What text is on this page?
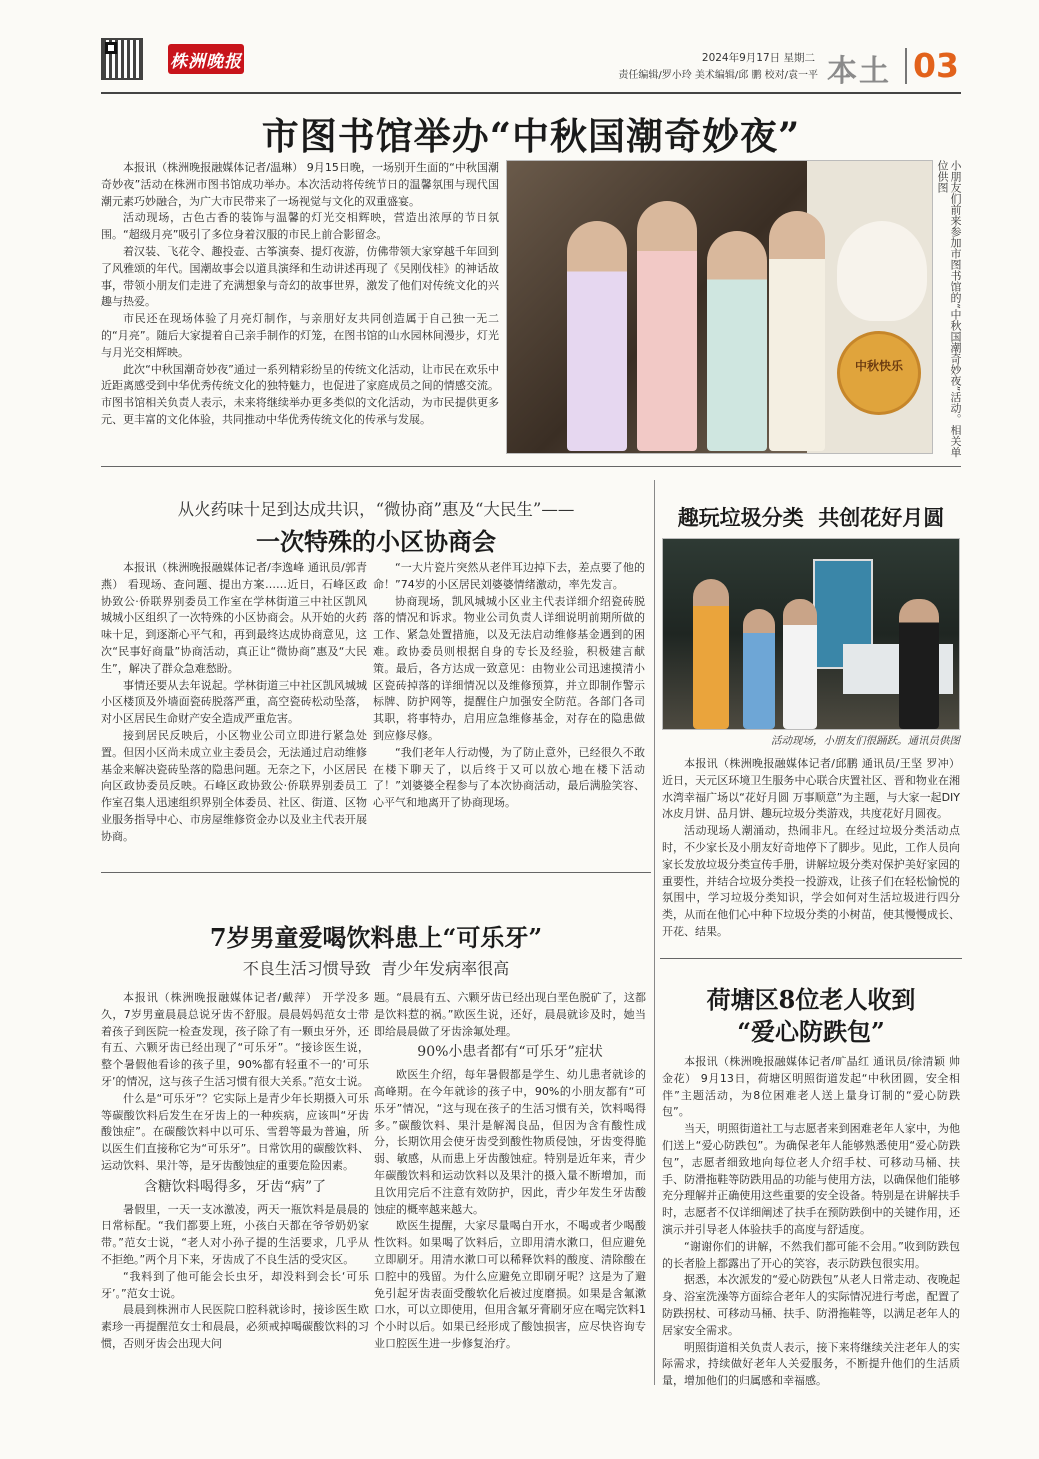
株洲晚报	2024年9月17日 星期二
责任编辑/罗小玲 美术编辑/邱 鹏 校对/袁一平 本土 03
市图书馆举办“中秋国潮奇妙夜”

本报讯（株洲晚报融媒体记者/温琳） 9月15日晚，一场别开生面的“中秋国潮奇妙夜”活动在株洲市图书馆成功举办。本次活动将传统节日的温馨氛围与现代国潮元素巧妙融合，为广大市民带来了一场视觉与文化的双重盛宴。

活动现场，古色古香的装饰与温馨的灯光交相辉映，营造出浓厚的节日氛围。“超级月亮”吸引了多位身着汉服的市民上前合影留念。

着汉装、飞花令、趣投壶、古筝演奏、提灯夜游，仿佛带领大家穿越千年回到了风雅颂的年代。国潮故事会以道具演绎和生动讲述再现了《吴刚伐桂》的神话故事，带领小朋友们走进了充满想象与奇幻的故事世界，激发了他们对传统文化的兴趣与热爱。

市民还在现场体验了月亮灯制作，与亲朋好友共同创造属于自己独一无二的“月亮”。随后大家提着自己亲手制作的灯笼，在图书馆的山水园林间漫步，灯光与月光交相辉映。

此次“中秋国潮奇妙夜”通过一系列精彩纷呈的传统文化活动，让市民在欢乐中近距离感受到中华优秀传统文化的独特魅力，也促进了家庭成员之间的情感交流。市图书馆相关负责人表示，未来将继续举办更多类似的文化活动，为市民提供更多元、更丰富的文化体验，共同推动中华优秀传统文化的传承与发展。

中秋快乐	小朋友们前来参加市图书馆的“中秋国潮奇妙夜”活动。相关单位供图
从火药味十足到达成共识，“微协商”惠及“大民生”——
一次特殊的小区协商会

本报讯（株洲晚报融媒体记者/李逸峰 通讯员/郭青燕） 看现场、查问题、提出方案……近日，石峰区政协致公·侨联界别委员工作室在学林街道三中社区凯风城城小区组织了一次特殊的小区协商会。从开始的火药味十足，到逐渐心平气和，再到最终达成协商意见，这次“民事好商量”协商活动，真正让“微协商”惠及“大民生”，解决了群众急难愁盼。

事情还要从去年说起。学林街道三中社区凯风城城小区楼顶及外墙面瓷砖脱落严重，高空瓷砖松动坠落，对小区居民生命财产安全造成严重危害。

接到居民反映后，小区物业公司立即进行紧急处置。但因小区尚未成立业主委员会，无法通过启动维修基金来解决瓷砖坠落的隐患问题。无奈之下，小区居民向区政协委员反映。石峰区政协致公·侨联界别委员工作室召集人迅速组织界别全体委员、社区、街道、区物业服务指导中心、市房屋维修资金办以及业主代表开展协商。

“一大片瓷片突然从老伴耳边掉下去，差点要了他的命！”74岁的小区居民刘婆婆情绪激动，率先发言。

协商现场，凯风城城小区业主代表详细介绍瓷砖脱落的情况和诉求。物业公司负责人详细说明前期所做的工作、紧急处置措施，以及无法启动维修基金遇到的困难。政协委员则根据自身的专长及经验，积极建言献策。最后，各方达成一致意见：由物业公司迅速摸清小区瓷砖掉落的详细情况以及维修预算，并立即制作警示标牌、防护网等，提醒住户加强安全防范。各部门各司其职，将事特办，启用应急维修基金，对存在的隐患做到应修尽修。

“我们老年人行动慢，为了防止意外，已经很久不敢在楼下聊天了，以后终于又可以放心地在楼下活动了！”刘婆婆全程参与了本次协商活动，最后满脸笑容、心平气和地离开了协商现场。

趣玩垃圾分类  共创花好月圆
活动现场，小朋友们很踊跃。通讯员供图

本报讯（株洲晚报融媒体记者/邱鹏 通讯员/王坚 罗冲） 近日，天元区环境卫生服务中心联合庆置社区、晋和物业在湘水湾幸福广场以“花好月圆 万事顺意”为主题，与大家一起DIY冰皮月饼、品月饼、趣玩垃圾分类游戏，共度花好月圆夜。

活动现场人潮涌动，热闹非凡。在经过垃圾分类活动点时，不少家长及小朋友好奇地停下了脚步。见此，工作人员向家长发放垃圾分类宣传手册，讲解垃圾分类对保护美好家园的重要性，并结合垃圾分类投一投游戏，让孩子们在轻松愉悦的氛围中，学习垃圾分类知识，学会如何对生活垃圾进行四分类，从而在他们心中种下垃圾分类的小树苗，使其慢慢成长、开花、结果。

7岁男童爱喝饮料患上“可乐牙”
不良生活习惯导致  青少年发病率很高

本报讯（株洲晚报融媒体记者/戴萍） 开学没多久，7岁男童晨晨总说牙齿不舒服。晨晨妈妈范女士带着孩子到医院一检查发现，孩子除了有一颗虫牙外，还有五、六颗牙齿已经出现了“可乐牙”。“接诊医生说，整个暑假他看诊的孩子里，90%都有轻重不一的‘可乐牙’的情况，这与孩子生活习惯有很大关系。”范女士说。

什么是“可乐牙”？它实际上是青少年长期摄入可乐等碳酸饮料后发生在牙齿上的一种疾病，应该叫“牙齿酸蚀症”。在碳酸饮料中以可乐、雪碧等最为普遍，所以医生们直接称它为“可乐牙”。日常饮用的碳酸饮料、运动饮料、果汁等，是牙齿酸蚀症的重要危险因素。

含糖饮料喝得多，牙齿“病”了

暑假里，一天一支冰激凌，两天一瓶饮料是晨晨的日常标配。“我们都要上班，小孩白天都在爷爷奶奶家带。”范女士说，“老人对小孙子提的生活要求，几乎从不拒绝。”两个月下来，牙齿成了不良生活的受灾区。

“我料到了他可能会长虫牙，却没料到会长‘可乐牙’。”范女士说。

晨晨到株洲市人民医院口腔科就诊时，接诊医生欧素珍一再提醒范女士和晨晨，必须戒掉喝碳酸饮料的习惯，否则牙齿会出现大问

题。“晨晨有五、六颗牙齿已经出现白垩色脱矿了，这都是饮料惹的祸。”欧医生说，还好，晨晨就诊及时，她当即给晨晨做了牙齿涂氟处理。
90%小患者都有“可乐牙”症状

欧医生介绍，每年暑假都是学生、幼儿患者就诊的高峰期。在今年就诊的孩子中，90%的小朋友都有“可乐牙”情况，“这与现在孩子的生活习惯有关，饮料喝得多。”碳酸饮料、果汁是解渴良品，但因为含有酸性成分，长期饮用会使牙齿受到酸性物质侵蚀，牙齿变得脆弱、敏感，从而患上牙齿酸蚀症。特别是近年来，青少年碳酸饮料和运动饮料以及果汁的摄入量不断增加，而且饮用完后不注意有效防护，因此，青少年发生牙齿酸蚀症的概率越来越大。

欧医生提醒，大家尽量喝白开水，不喝或者少喝酸性饮料。如果喝了饮料后，立即用清水漱口，但应避免立即刷牙。用清水漱口可以稀释饮料的酸度、清除酸在口腔中的残留。为什么应避免立即刷牙呢？这是为了避免引起牙齿表面受酸软化后被过度磨损。如果是含氟漱口水，可以立即使用，但用含氟牙膏刷牙应在喝完饮料1个小时以后。如果已经形成了酸蚀损害，应尽快咨询专业口腔医生进一步修复治疗。

荷塘区8位老人收到
“爱心防跌包”

本报讯（株洲晚报融媒体记者/旷晶红 通讯员/徐清颖 帅金花） 9月13日，荷塘区明照街道发起“中秋团圆，安全相伴”主题活动，为8位困难老人送上量身订制的“爱心防跌包”。

当天，明照街道社工与志愿者来到困难老年人家中，为他们送上“爱心防跌包”。为确保老年人能够熟悉使用“爱心防跌包”，志愿者细致地向每位老人介绍手杖、可移动马桶、扶手、防滑拖鞋等防跌用品的功能与使用方法，以确保他们能够充分理解并正确使用这些重要的安全设备。特别是在讲解扶手时，志愿者不仅详细阐述了扶手在预防跌倒中的关键作用，还演示并引导老人体验扶手的高度与舒适度。

“谢谢你们的讲解，不然我们都可能不会用。”收到防跌包的长者脸上都露出了开心的笑容，表示防跌包很实用。

据悉，本次派发的“爱心防跌包”从老人日常走动、夜晚起身、浴室洗澡等方面综合老年人的实际情况进行考虑，配置了防跌拐杖、可移动马桶、扶手、防滑拖鞋等，以满足老年人的居家安全需求。

明照街道相关负责人表示，接下来将继续关注老年人的实际需求，持续做好老年人关爱服务，不断提升他们的生活质量，增加他们的归属感和幸福感。
